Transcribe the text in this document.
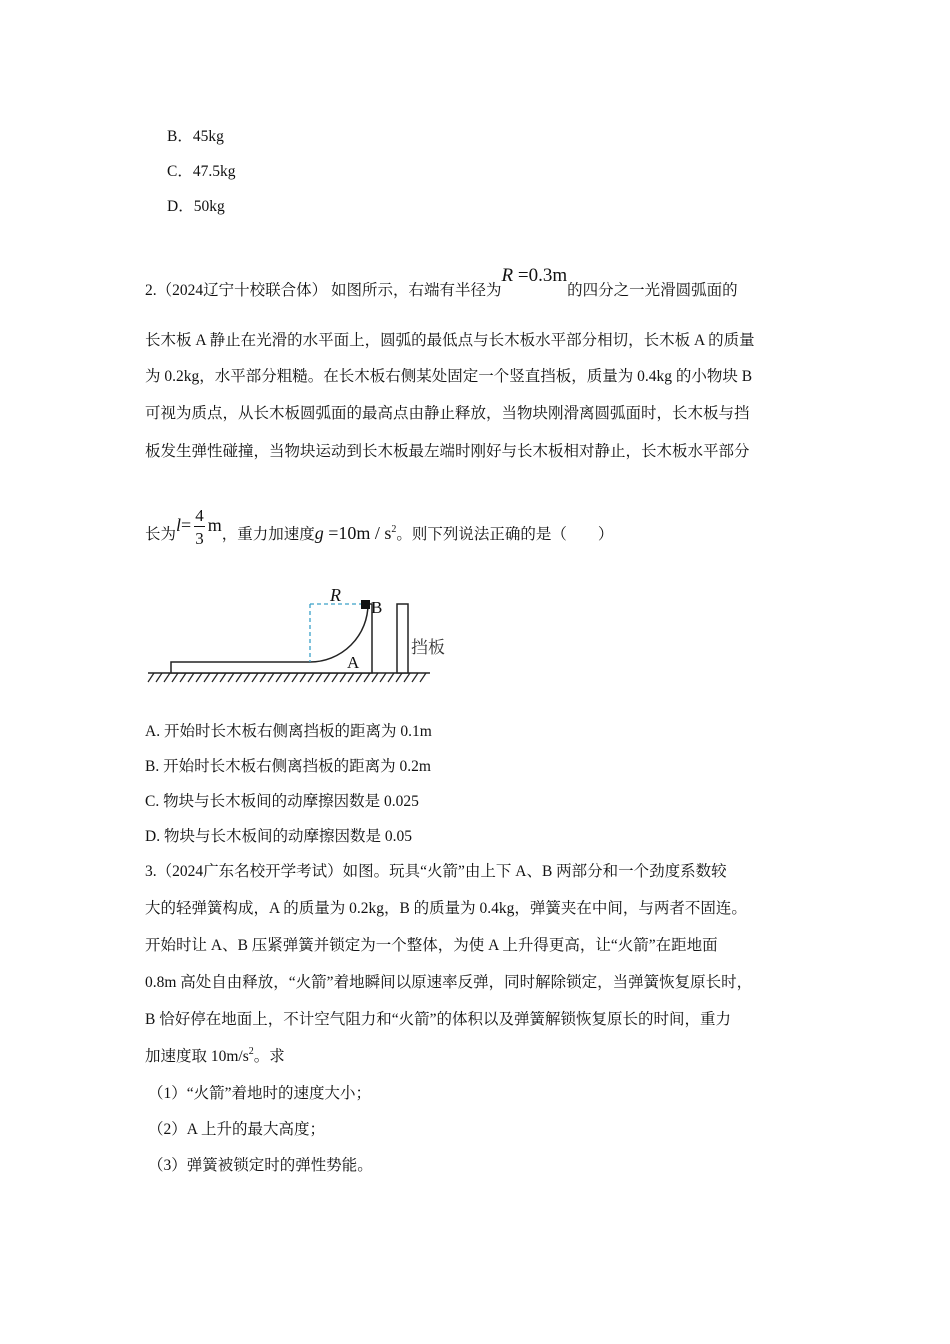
B．45kg
C．47.5kg
D．50kg
2.（2024辽宁十校联合体） 如图所示，右端有半径为R =0.3m的四分之一光滑圆弧面的
长木板 A 静止在光滑的水平面上，圆弧的最低点与长木板水平部分相切，长木板 A 的质量
为 0.2kg，水平部分粗糙。在长木板右侧某处固定一个竖直挡板，质量为 0.4kg 的小物块 B
可视为质点，从长木板圆弧面的最高点由静止释放，当物块刚滑离圆弧面时，长木板与挡
板发生弹性碰撞，当物块运动到长木板最左端时刚好与长木板相对静止，长木板水平部分
长为$l= \frac{4}{3}$ m，重力加速度$g =10m / s^2$。则下列说法正确的是（　　）
R
B
A
挡板
A. 开始时长木板右侧离挡板的距离为 0.1m
B. 开始时长木板右侧离挡板的距离为 0.2m
C. 物块与长木板间的动摩擦因数是 0.025
D. 物块与长木板间的动摩擦因数是 0.05
3.（2024广东名校开学考试）如图。玩具“火箭”由上下 A、B 两部分和一个劲度系数较
大的轻弹簧构成，A 的质量为 0.2kg，B 的质量为 0.4kg，弹簧夹在中间，与两者不固连。
开始时让 A、B 压紧弹簧并锁定为一个整体，为使 A 上升得更高，让“火箭”在距地面
0.8m 高处自由释放，“火箭”着地瞬间以原速率反弹，同时解除锁定，当弹簧恢复原长时，
B 恰好停在地面上，不计空气阻力和“火箭”的体积以及弹簧解锁恢复原长的时间，重力
加速度取 $10m/s^2$。求
（1）“火箭”着地时的速度大小；
（2）A 上升的最大高度；
（3）弹簧被锁定时的弹性势能。
